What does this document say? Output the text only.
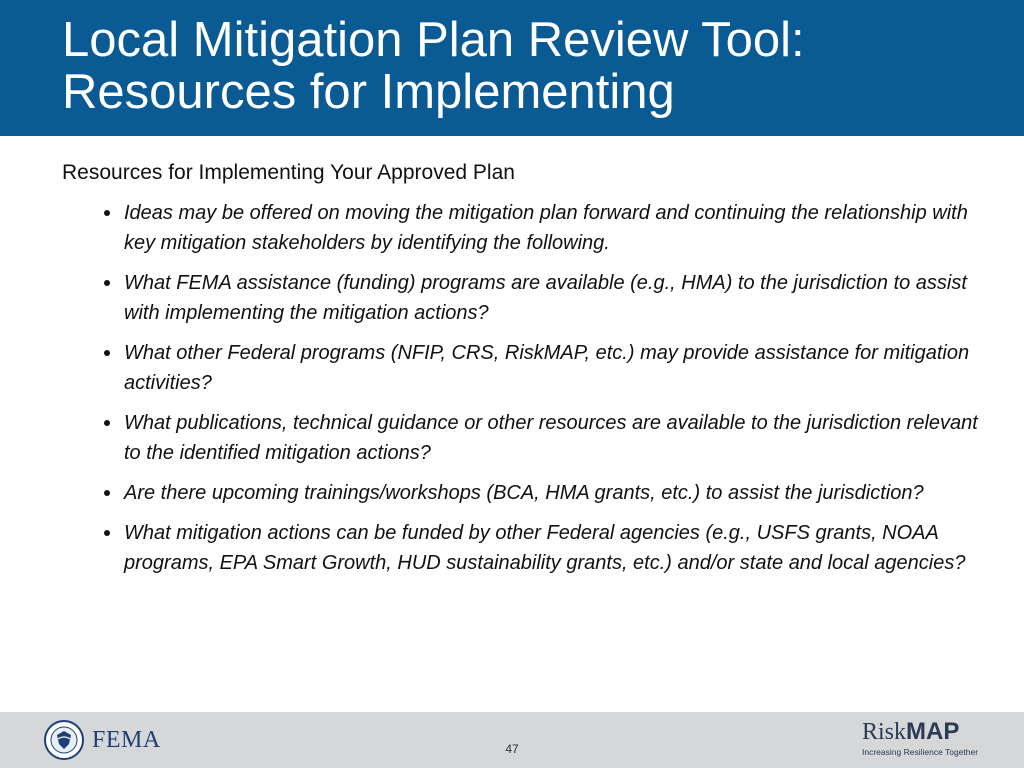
Local Mitigation Plan Review Tool:
Resources for Implementing

Resources for Implementing Your Approved Plan

Ideas may be offered on moving the mitigation plan forward and continuing the relationship with key mitigation stakeholders by identifying the following.
What FEMA assistance (funding) programs are available (e.g., HMA) to the jurisdiction to assist with implementing the mitigation actions?
What other Federal programs (NFIP, CRS, RiskMAP, etc.) may provide assistance for mitigation activities?
What publications, technical guidance or other resources are available to the jurisdiction relevant to the identified mitigation actions?
Are there upcoming trainings/workshops (BCA, HMA grants, etc.) to assist the jurisdiction?
What mitigation actions can be funded by other Federal agencies (e.g., USFS grants, NOAA programs, EPA Smart Growth, HUD sustainability grants, etc.) and/or state and local agencies?
FEMA	47
RiskMAP
Increasing Resilience Together
